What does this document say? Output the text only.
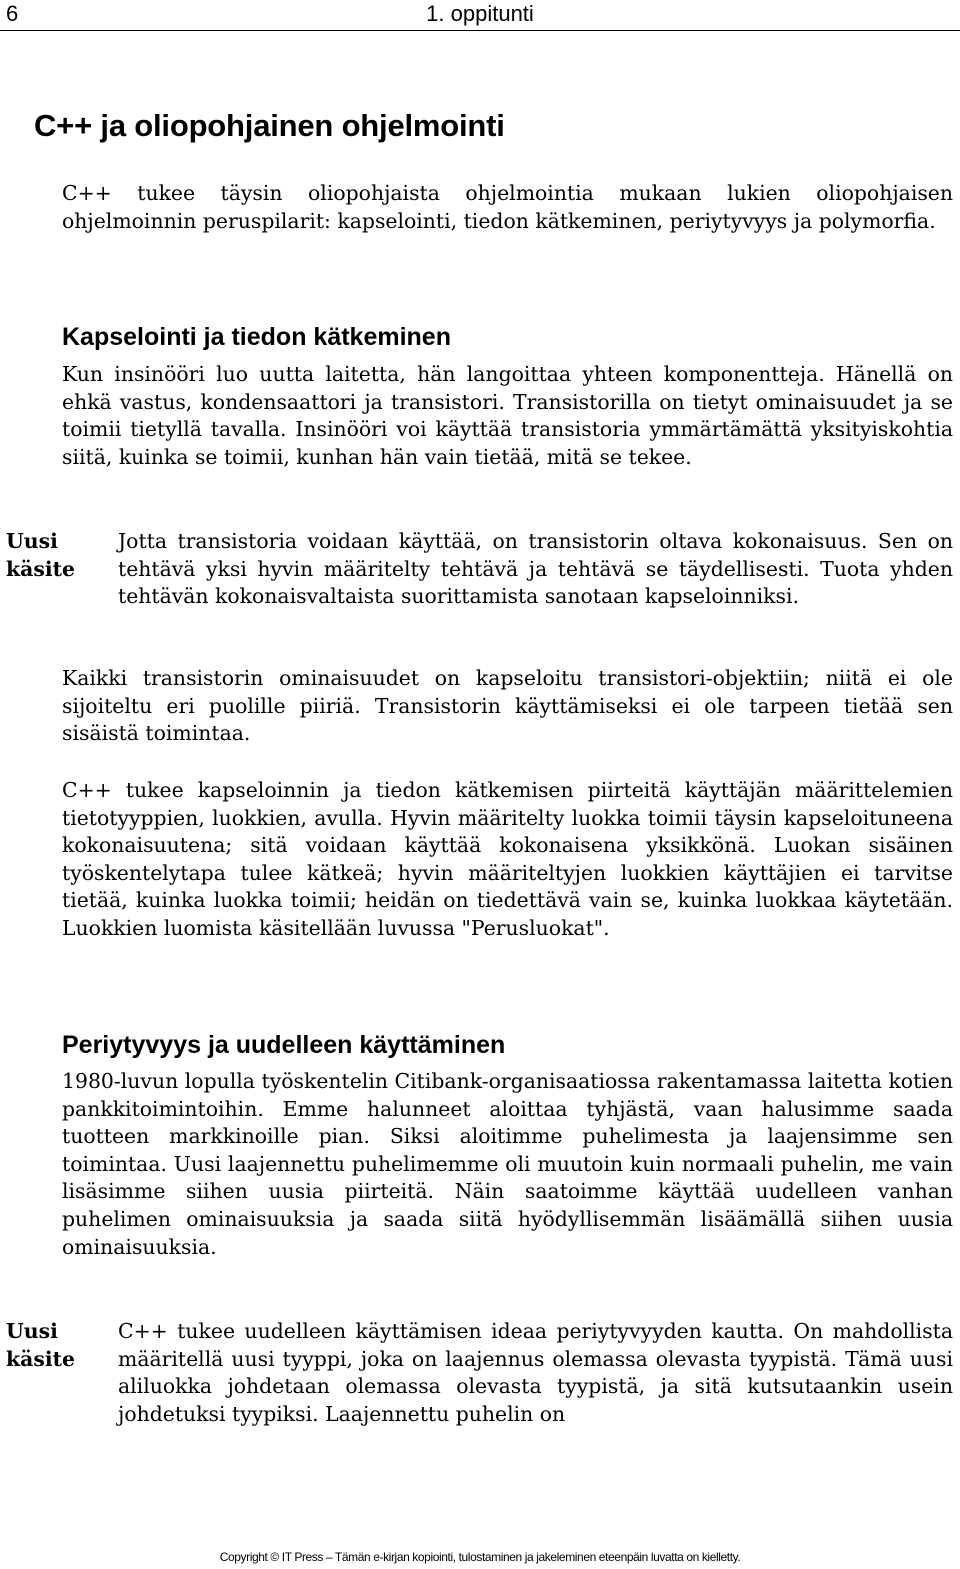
6	1. oppitunti
C++ ja oliopohjainen ohjelmointi

C++ tukee täysin oliopohjaista ohjelmointia mukaan lukien oliopohjaisen ohjelmoinnin peruspilarit: kapselointi, tiedon kätkeminen, periytyvyys ja polymorfia.

Kapselointi ja tiedon kätkeminen

Kun insinööri luo uutta laitetta, hän langoittaa yhteen komponentteja. Hänellä on ehkä vastus, kondensaattori ja transistori. Transistorilla on tietyt ominaisuudet ja se toimii tietyllä tavalla. Insinööri voi käyttää transistoria ymmärtämättä yksityiskohtia siitä, kuinka se toimii, kunhan hän vain tietää, mitä se tekee.

Uusi
käsite

Jotta transistoria voidaan käyttää, on transistorin oltava kokonaisuus. Sen on tehtävä yksi hyvin määritelty tehtävä ja tehtävä se täydellisesti. Tuota yhden tehtävän kokonaisvaltaista suorittamista sanotaan kapseloinniksi.

Kaikki transistorin ominaisuudet on kapseloitu transistori-objektiin; niitä ei ole sijoiteltu eri puolille piiriä. Transistorin käyttämiseksi ei ole tarpeen tietää sen sisäistä toimintaa.

C++ tukee kapseloinnin ja tiedon kätkemisen piirteitä käyttäjän määrittelemien tietotyyppien, luokkien, avulla. Hyvin määritelty luokka toimii täysin kapseloituneena kokonaisuutena; sitä voidaan käyttää kokonaisena yksikkönä. Luokan sisäinen työskentelytapa tulee kätkeä; hyvin määriteltyjen luokkien käyttäjien ei tarvitse tietää, kuinka luokka toimii; heidän on tiedettävä vain se, kuinka luokkaa käytetään. Luokkien luomista käsitellään luvussa "Perusluokat".

Periytyvyys ja uudelleen käyttäminen

1980-luvun lopulla työskentelin Citibank-organisaatiossa rakentamassa laitetta kotien pankkitoimintoihin. Emme halunneet aloittaa tyhjästä, vaan halusimme saada tuotteen markkinoille pian. Siksi aloitimme puhelimesta ja laajensimme sen toimintaa. Uusi laajennettu puhelimemme oli muutoin kuin normaali puhelin, me vain lisäsimme siihen uusia piirteitä. Näin saatoimme käyttää uudelleen vanhan puhelimen ominaisuuksia ja saada siitä hyödyllisemmän lisäämällä siihen uusia ominaisuuksia.

Uusi
käsite

C++ tukee uudelleen käyttämisen ideaa periytyvyyden kautta. On mahdollista määritellä uusi tyyppi, joka on laajennus olemassa olevasta tyypistä. Tämä uusi aliluokka johdetaan olemassa olevasta tyypistä, ja sitä kutsutaankin usein johdetuksi tyypiksi. Laajennettu puhelin on

Copyright © IT Press – Tämän e-kirjan kopiointi, tulostaminen ja jakeleminen eteenpäin luvatta on kielletty.
